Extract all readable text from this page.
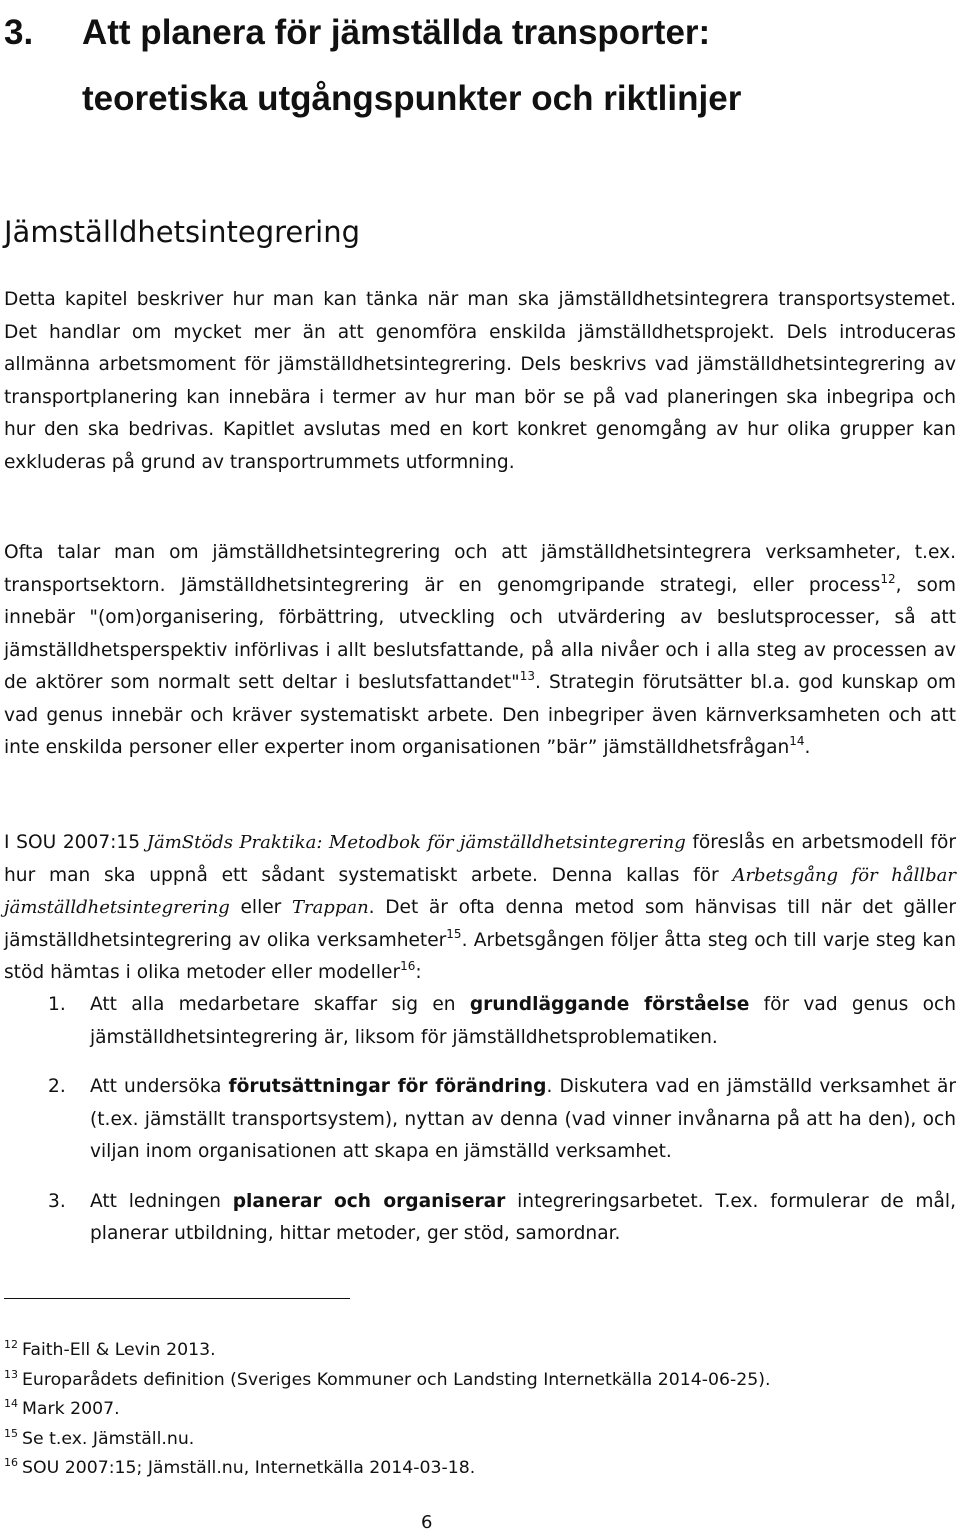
3. Att planera för jämställda transporter:
teoretiska utgångspunkter och riktlinjer
Jämställdhetsintegrering

Detta kapitel beskriver hur man kan tänka när man ska jämställdhetsintegrera transportsystemet. Det handlar om mycket mer än att genomföra enskilda jämställdhetsprojekt. Dels introduceras allmänna arbetsmoment för jämställdhetsintegrering. Dels beskrivs vad jämställdhetsintegrering av transportplanering kan innebära i termer av hur man bör se på vad planeringen ska inbegripa och hur den ska bedrivas. Kapitlet avslutas med en kort konkret genomgång av hur olika grupper kan exkluderas på grund av transportrummets utformning.

Ofta talar man om jämställdhetsintegrering och att jämställdhetsintegrera verksamheter, t.ex. transportsektorn. Jämställdhetsintegrering är en genomgripande strategi, eller process$^{12}$, som innebär "(om)organisering, förbättring, utveckling och utvärdering av beslutsprocesser, så att jämställdhetsperspektiv införlivas i allt beslutsfattande, på alla nivåer och i alla steg av processen av de aktörer som normalt sett deltar i beslutsfattandet"$^{13}$. Strategin förutsätter bl.a. god kunskap om vad genus innebär och kräver systematiskt arbete. Den inbegriper även kärnverksamheten och att inte enskilda personer eller experter inom organisationen ”bär” jämställdhetsfrågan$^{14}$.

I SOU 2007:15 JämStöds Praktika: Metodbok för jämställdhetsintegrering föreslås en arbetsmodell för hur man ska uppnå ett sådant systematiskt arbete. Denna kallas för Arbetsgång för hållbar jämställdhetsintegrering eller Trappan. Det är ofta denna metod som hänvisas till när det gäller jämställdhetsintegrering av olika verksamheter$^{15}$. Arbetsgången följer åtta steg och till varje steg kan stöd hämtas i olika metoder eller modeller$^{16}$:

1. Att alla medarbetare skaffar sig en grundläggande förståelse för vad genus och jämställdhetsintegrering är, liksom för jämställdhetsproblematiken.
2. Att undersöka förutsättningar för förändring. Diskutera vad en jämställd verksamhet är (t.ex. jämställt transportsystem), nyttan av denna (vad vinner invånarna på att ha den), och viljan inom organisationen att skapa en jämställd verksamhet.
3. Att ledningen planerar och organiserar integreringsarbetet. T.ex. formulerar de mål, planerar utbildning, hittar metoder, ger stöd, samordnar.
$^{12}$ Faith-Ell & Levin 2013.
$^{13}$ Europarådets definition (Sveriges Kommuner och Landsting Internetkälla 2014-06-25).
$^{14}$ Mark 2007.
$^{15}$ Se t.ex. Jämställ.nu.
$^{16}$ SOU 2007:15; Jämställ.nu, Internetkälla 2014-03-18.
6
